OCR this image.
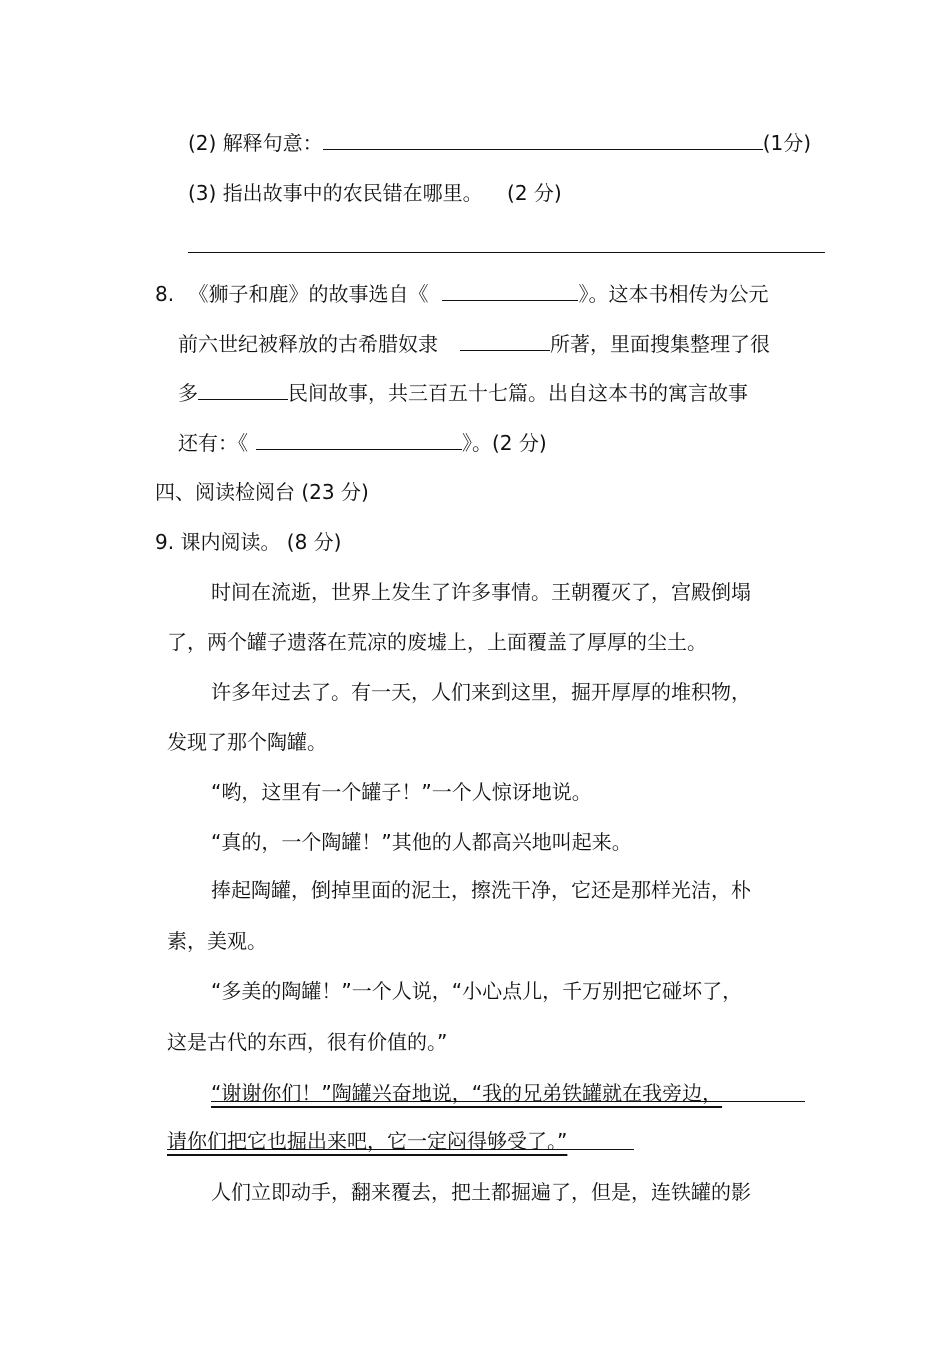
(2) 解释句意：	(1分)
(3) 指出故事中的农民错在哪里。 (2 分)
8. 《狮子和鹿》的故事选自《	》。这本书相传为公元
前六世纪被释放的古希腊奴隶	所著，里面搜集整理了很
多	民间故事，共三百五十七篇。出自这本书的寓言故事
还有：《	》。(2 分)
四、阅读检阅台 (23 分)
9. 课内阅读。 (8 分)
时间在流逝，世界上发生了许多事情。王朝覆灭了，宫殿倒塌
了，两个罐子遗落在荒凉的废墟上，上面覆盖了厚厚的尘土。
许多年过去了。有一天，人们来到这里，掘开厚厚的堆积物，
发现了那个陶罐。
“哟，这里有一个罐子！”一个人惊讶地说。
“真的，一个陶罐！”其他的人都高兴地叫起来。
捧起陶罐，倒掉里面的泥土，擦洗干净，它还是那样光洁，朴
素，美观。
“多美的陶罐！”一个人说，“小心点儿，千万别把它碰坏了，
这是古代的东西，很有价值的。”
“谢谢你们！”陶罐兴奋地说，“我的兄弟铁罐就在我旁边，
请你们把它也掘出来吧，它一定闷得够受了。”
人们立即动手，翻来覆去，把土都掘遍了，但是，连铁罐的影
